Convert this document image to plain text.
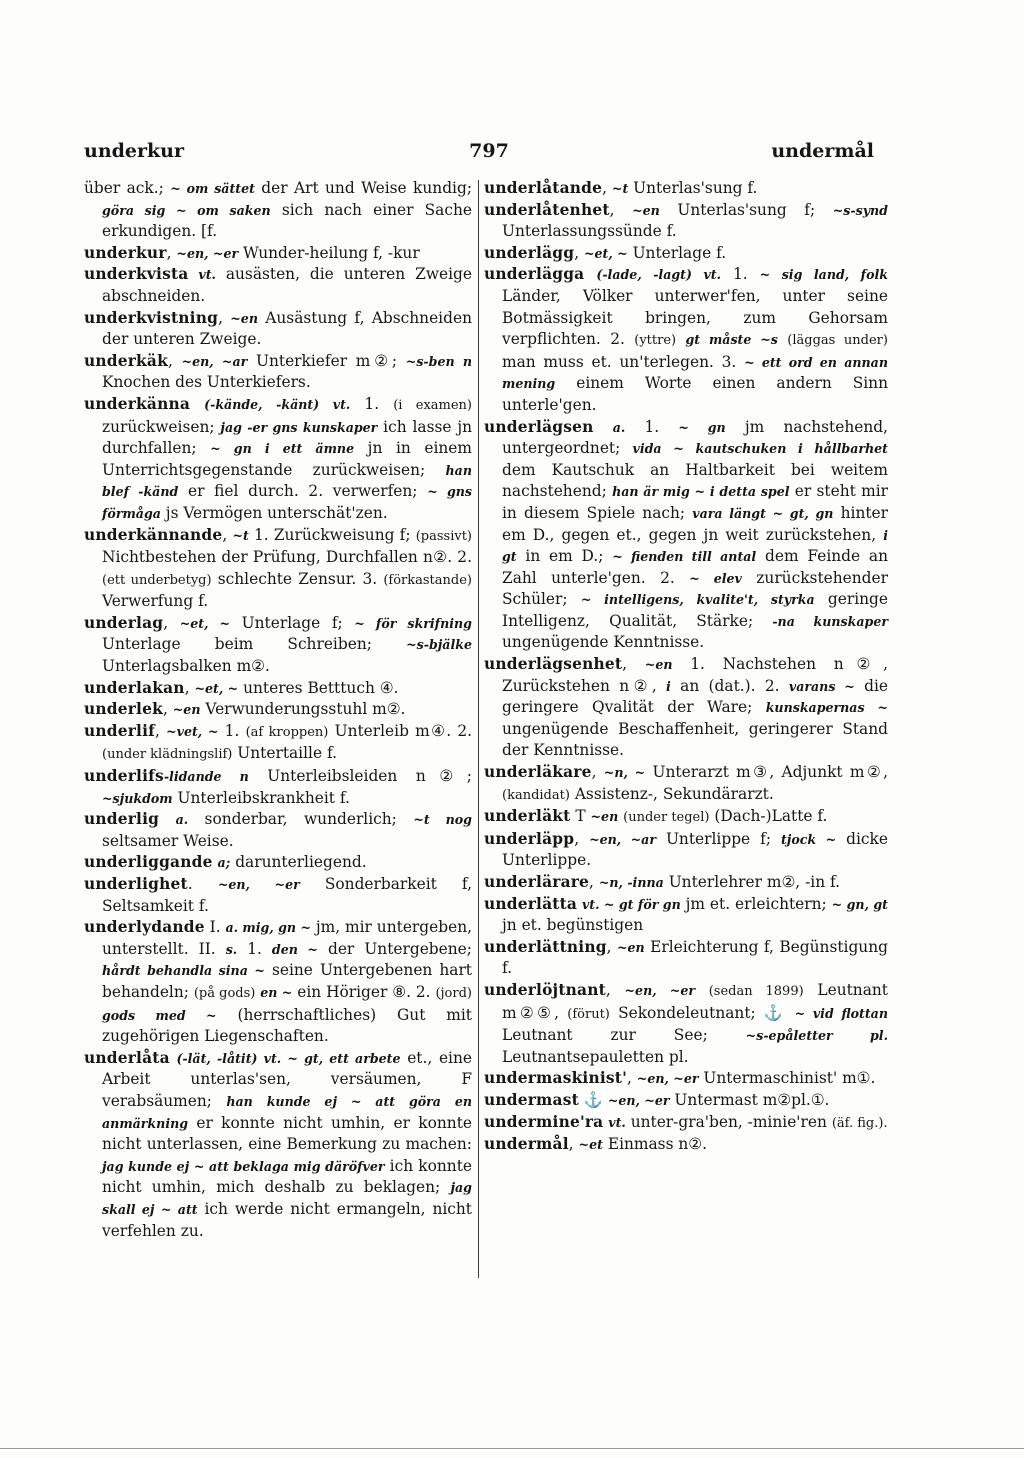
underkur	797	undermål

über ack.; ~ om sättet der Art und Weise kundig; göra sig ~ om saken sich nach einer Sache erkundigen. [f.

underkur, ~en, ~er Wunder-heilung f, -kur

underkvista vt. ausästen, die unteren Zweige abschneiden.

underkvistning, ~en Ausästung f, Abschneiden der unteren Zweige.

underkäk, ~en, ~ar Unterkiefer m②; ~s-ben n Knochen des Unterkiefers.

underkänna (-kände, -känt) vt. 1. (i examen) zurückweisen; jag -er gns kunskaper ich lasse jn durchfallen; ~ gn i ett ämne jn in einem Unterrichtsgegenstande zurückweisen; han blef -känd er fiel durch. 2. verwerfen; ~ gns förmåga js Vermögen unterschät'zen.

underkännande, ~t 1. Zurückweisung f; (passivt) Nichtbestehen der Prüfung, Durchfallen n②. 2. (ett underbetyg) schlechte Zensur. 3. (förkastande) Verwerfung f.

underlag, ~et, ~ Unterlage f; ~ för skrifning Unterlage beim Schreiben; ~s-bjälke Unterlagsbalken m②.

underlakan, ~et, ~ unteres Betttuch ④.

underlek, ~en Verwunderungsstuhl m②.

underlif, ~vet, ~ 1. (af kroppen) Unterleib m④. 2. (under klädningslif) Untertaille f.

underlifs-lidande n Unterleibsleiden n②; ~sjukdom Unterleibskrankheit f.

underlig a. sonderbar, wunderlich; ~t nog seltsamer Weise.

underliggande a; darunterliegend.

underlighet. ~en, ~er Sonderbarkeit f, Seltsamkeit f.

underlydande I. a. mig, gn ~ jm, mir untergeben, unterstellt. II. s. 1. den ~ der Untergebene; hårdt behandla sina ~ seine Untergebenen hart behandeln; (på gods) en ~ ein Höriger ⑧. 2. (jord) gods med ~ (herrschaftliches) Gut mit zugehörigen Liegenschaften.

underlåta (-lät, -låtit) vt. ~ gt, ett arbete et., eine Arbeit unterlas'sen, versäumen, F verabsäumen; han kunde ej ~ att göra en anmärkning er konnte nicht umhin, er konnte nicht unterlassen, eine Bemerkung zu machen: jag kunde ej ~ att beklaga mig däröfver ich konnte nicht umhin, mich deshalb zu beklagen; jag skall ej ~ att ich werde nicht ermangeln, nicht verfehlen zu.

underlåtande, ~t Unterlas'sung f.

underlåtenhet, ~en Unterlas'sung f; ~s-synd Unterlassungssünde f.

underlägg, ~et, ~ Unterlage f.

underlägga (-lade, -lagt) vt. 1. ~ sig land, folk Länder, Völker unterwer'fen, unter seine Botmässigkeit bringen, zum Gehorsam verpflichten. 2. (yttre) gt måste ~s (läggas under) man muss et. un'terlegen. 3. ~ ett ord en annan mening einem Worte einen andern Sinn unterle'gen.

underlägsen a. 1. ~ gn jm nachstehend, untergeordnet; vida ~ kautschuken i hållbarhet dem Kautschuk an Haltbarkeit bei weitem nachstehend; han är mig ~ i detta spel er steht mir in diesem Spiele nach; vara längt ~ gt, gn hinter em D., gegen et., gegen jn weit zurückstehen, i gt in em D.; ~ fienden till antal dem Feinde an Zahl unterle'gen. 2. ~ elev zurückstehender Schüler; ~ intelligens, kvalite't, styrka geringe Intelligenz, Qualität, Stärke; -na kunskaper ungenügende Kenntnisse.

underlägsenhet, ~en 1. Nachstehen n②, Zurückstehen n②, i an (dat.). 2. varans ~ die geringere Qvalität der Ware; kunskapernas ~ ungenügende Beschaffenheit, geringerer Stand der Kenntnisse.

underläkare, ~n, ~ Unterarzt m③, Adjunkt m②, (kandidat) Assistenz-, Sekundärarzt.

underläkt T ~en (under tegel) (Dach-)Latte f.

underläpp, ~en, ~ar Unterlippe f; tjock ~ dicke Unterlippe.

underlärare, ~n, -inna Unterlehrer m②, -in f.

underlätta vt. ~ gt för gn jm et. erleichtern; ~ gn, gt jn et. begünstigen

underlättning, ~en Erleichterung f, Begünstigung f.

underlöjtnant, ~en, ~er (sedan 1899) Leutnant m②⑤, (förut) Sekondeleutnant; ⚓ ~ vid flottan Leutnant zur See; ~s-epåletter pl. Leutnantsepauletten pl.

undermaskinist', ~en, ~er Untermaschinist' m①.

undermast ⚓ ~en, ~er Untermast m②pl.①.

undermine'ra vt. unter-gra'ben, -minie'ren (äf. fig.).

undermål, ~et Einmass n②.
